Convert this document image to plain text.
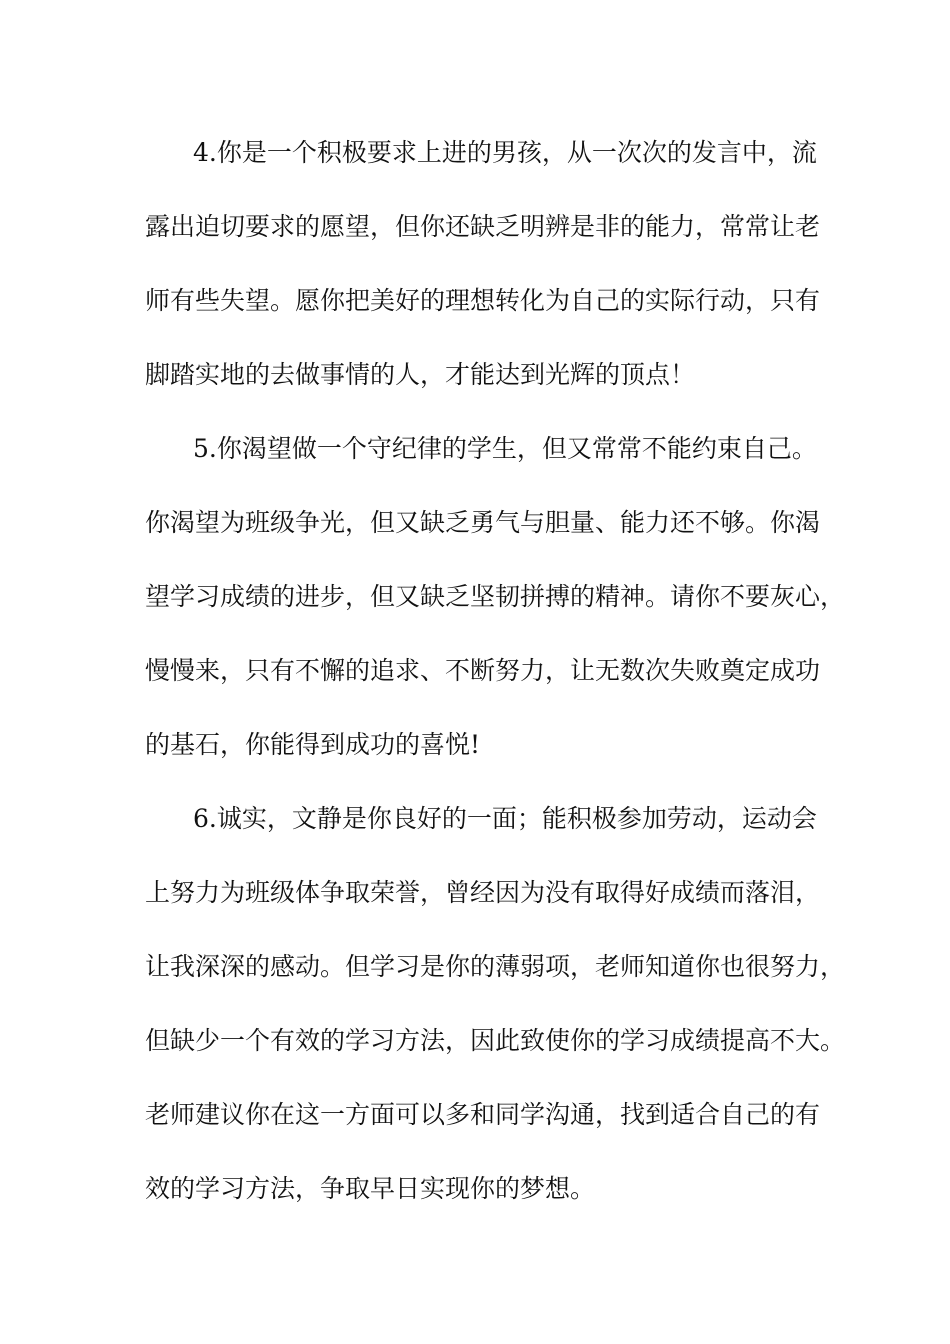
4.你是一个积极要求上进的男孩，从一次次的发言中，流
露出迫切要求的愿望，但你还缺乏明辨是非的能力，常常让老
师有些失望。愿你把美好的理想转化为自己的实际行动，只有
脚踏实地的去做事情的人，才能达到光辉的顶点！
5.你渴望做一个守纪律的学生，但又常常不能约束自己。
你渴望为班级争光，但又缺乏勇气与胆量、能力还不够。你渴
望学习成绩的进步，但又缺乏坚韧拼搏的精神。请你不要灰心，
慢慢来，只有不懈的追求、不断努力，让无数次失败奠定成功
的基石，你能得到成功的喜悦!
6.诚实，文静是你良好的一面；能积极参加劳动，运动会
上努力为班级体争取荣誉，曾经因为没有取得好成绩而落泪，
让我深深的感动。但学习是你的薄弱项，老师知道你也很努力，
但缺少一个有效的学习方法，因此致使你的学习成绩提高不大。
老师建议你在这一方面可以多和同学沟通，找到适合自己的有
效的学习方法，争取早日实现你的梦想。
